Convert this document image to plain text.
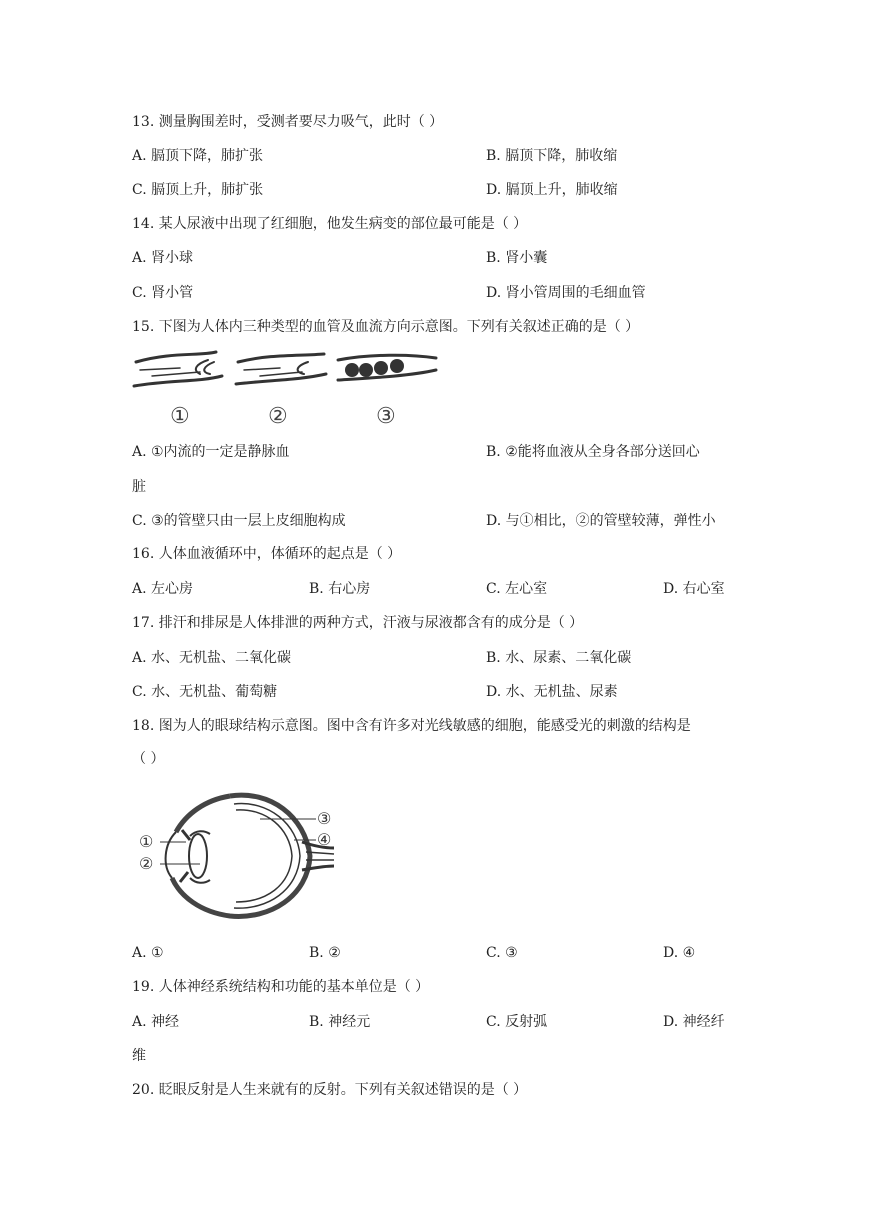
13. 测量胸围差时，受测者要尽力吸气，此时（ ）
A. 膈顶下降，肺扩张	B. 膈顶下降，肺收缩
C. 膈顶上升，肺扩张	D. 膈顶上升，肺收缩
14. 某人尿液中出现了红细胞，他发生病变的部位最可能是（ ）
A. 肾小球	B. 肾小囊
C. 肾小管	D. 肾小管周围的毛细血管
15. 下图为人体内三种类型的血管及血流方向示意图。下列有关叙述正确的是（ ）
①	②	③
A. ①内流的一定是静脉血	B. ②能将血液从全身各部分送回心
脏
C. ③的管壁只由一层上皮细胞构成	D. 与①相比，②的管壁较薄，弹性小
16. 人体血液循环中，体循环的起点是（ ）
A. 左心房	B. 右心房	C. 左心室	D. 右心室
17. 排汗和排尿是人体排泄的两种方式，汗液与尿液都含有的成分是（ ）
A. 水、无机盐、二氧化碳	B. 水、尿素、二氧化碳
C. 水、无机盐、葡萄糖	D. 水、无机盐、尿素
18. 图为人的眼球结构示意图。图中含有许多对光线敏感的细胞，能感受光的刺激的结构是
（ ）
①
②
③
④
A. ①	B. ②	C. ③	D. ④
19. 人体神经系统结构和功能的基本单位是（ ）
A. 神经	B. 神经元	C. 反射弧	D. 神经纤
维
20. 眨眼反射是人生来就有的反射。下列有关叙述错误的是（ ）
